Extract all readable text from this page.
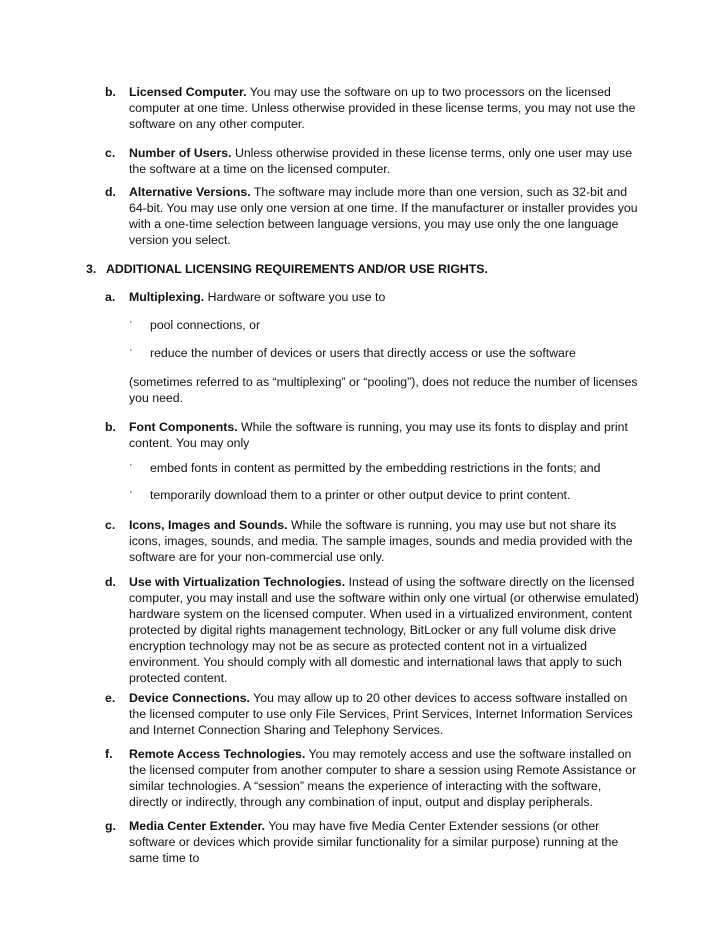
b. Licensed Computer. You may use the software on up to two processors on the licensed computer at one time. Unless otherwise provided in these license terms, you may not use the software on any other computer.
c. Number of Users. Unless otherwise provided in these license terms, only one user may use the software at a time on the licensed computer.
d. Alternative Versions. The software may include more than one version, such as 32-bit and 64-bit. You may use only one version at one time. If the manufacturer or installer provides you with a one-time selection between language versions, you may use only the one language version you select.
3. ADDITIONAL LICENSING REQUIREMENTS AND/OR USE RIGHTS.
a. Multiplexing. Hardware or software you use to
· pool connections, or
· reduce the number of devices or users that directly access or use the software
(sometimes referred to as “multiplexing” or “pooling”), does not reduce the number of licenses you need.
b. Font Components. While the software is running, you may use its fonts to display and print content. You may only
· embed fonts in content as permitted by the embedding restrictions in the fonts; and
· temporarily download them to a printer or other output device to print content.
c. Icons, Images and Sounds. While the software is running, you may use but not share its icons, images, sounds, and media. The sample images, sounds and media provided with the software are for your non-commercial use only.
d. Use with Virtualization Technologies. Instead of using the software directly on the licensed computer, you may install and use the software within only one virtual (or otherwise emulated) hardware system on the licensed computer. When used in a virtualized environment, content protected by digital rights management technology, BitLocker or any full volume disk drive encryption technology may not be as secure as protected content not in a virtualized environment. You should comply with all domestic and international laws that apply to such protected content.
e. Device Connections. You may allow up to 20 other devices to access software installed on the licensed computer to use only File Services, Print Services, Internet Information Services and Internet Connection Sharing and Telephony Services.
f. Remote Access Technologies. You may remotely access and use the software installed on the licensed computer from another computer to share a session using Remote Assistance or similar technologies. A “session” means the experience of interacting with the software, directly or indirectly, through any combination of input, output and display peripherals.
g. Media Center Extender. You may have five Media Center Extender sessions (or other software or devices which provide similar functionality for a similar purpose) running at the same time to
